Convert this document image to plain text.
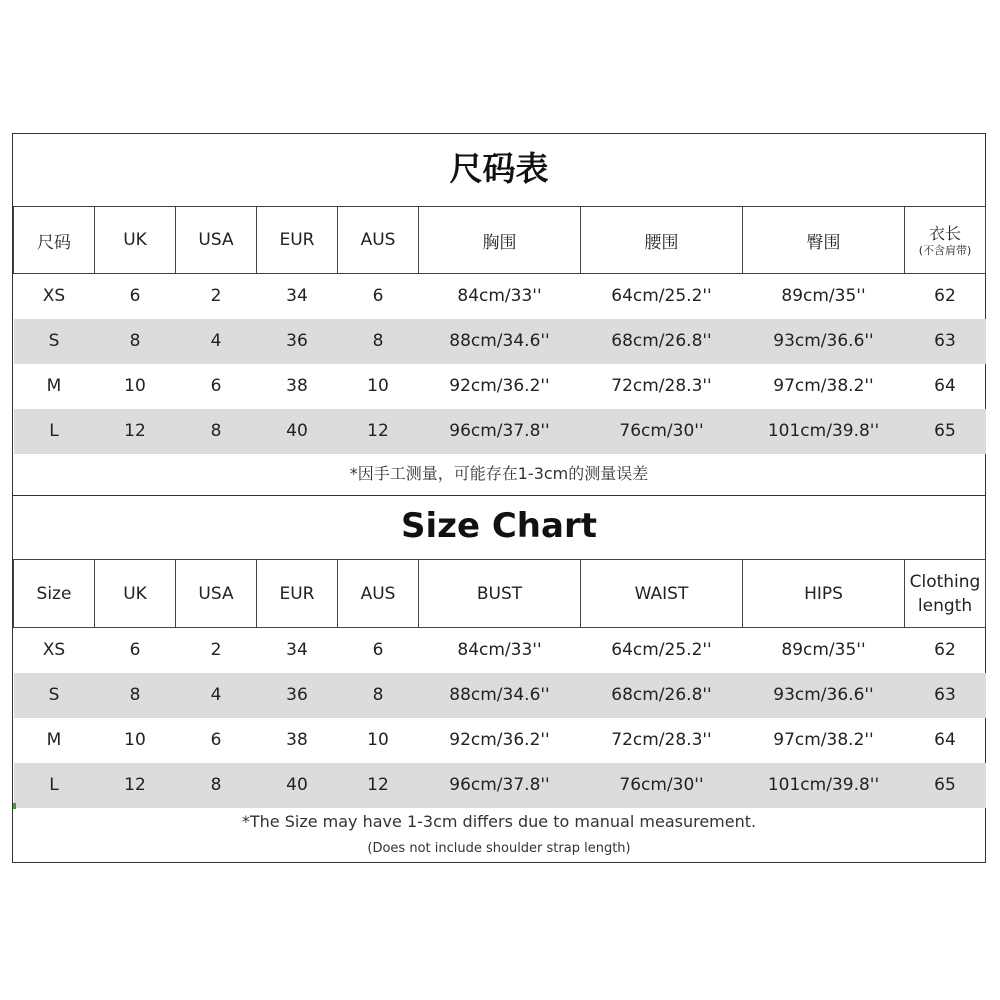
尺码表
尺码	UK	USA	EUR	AUS	胸围	腰围	臀围	衣长
(不含肩带)

XS	6	2	34	6	84cm/33''	64cm/25.2''	89cm/35''	62
S	8	4	36	8	88cm/34.6''	68cm/26.8''	93cm/36.6''	63
M	10	6	38	10	92cm/36.2''	72cm/28.3''	97cm/38.2''	64
L	12	8	40	12	96cm/37.8''	76cm/30''	101cm/39.8''	65
*因手工测量，可能存在1-3cm的测量误差
Size Chart
Size	UK	USA	EUR	AUS	BUST	WAIST	HIPS	Clothing length
XS	6	2	34	6	84cm/33''	64cm/25.2''	89cm/35''	62
S	8	4	36	8	88cm/34.6''	68cm/26.8''	93cm/36.6''	63
M	10	6	38	10	92cm/36.2''	72cm/28.3''	97cm/38.2''	64
L	12	8	40	12	96cm/37.8''	76cm/30''	101cm/39.8''	65
*The Size may have 1-3cm differs due to manual measurement.
(Does not include shoulder strap length)
